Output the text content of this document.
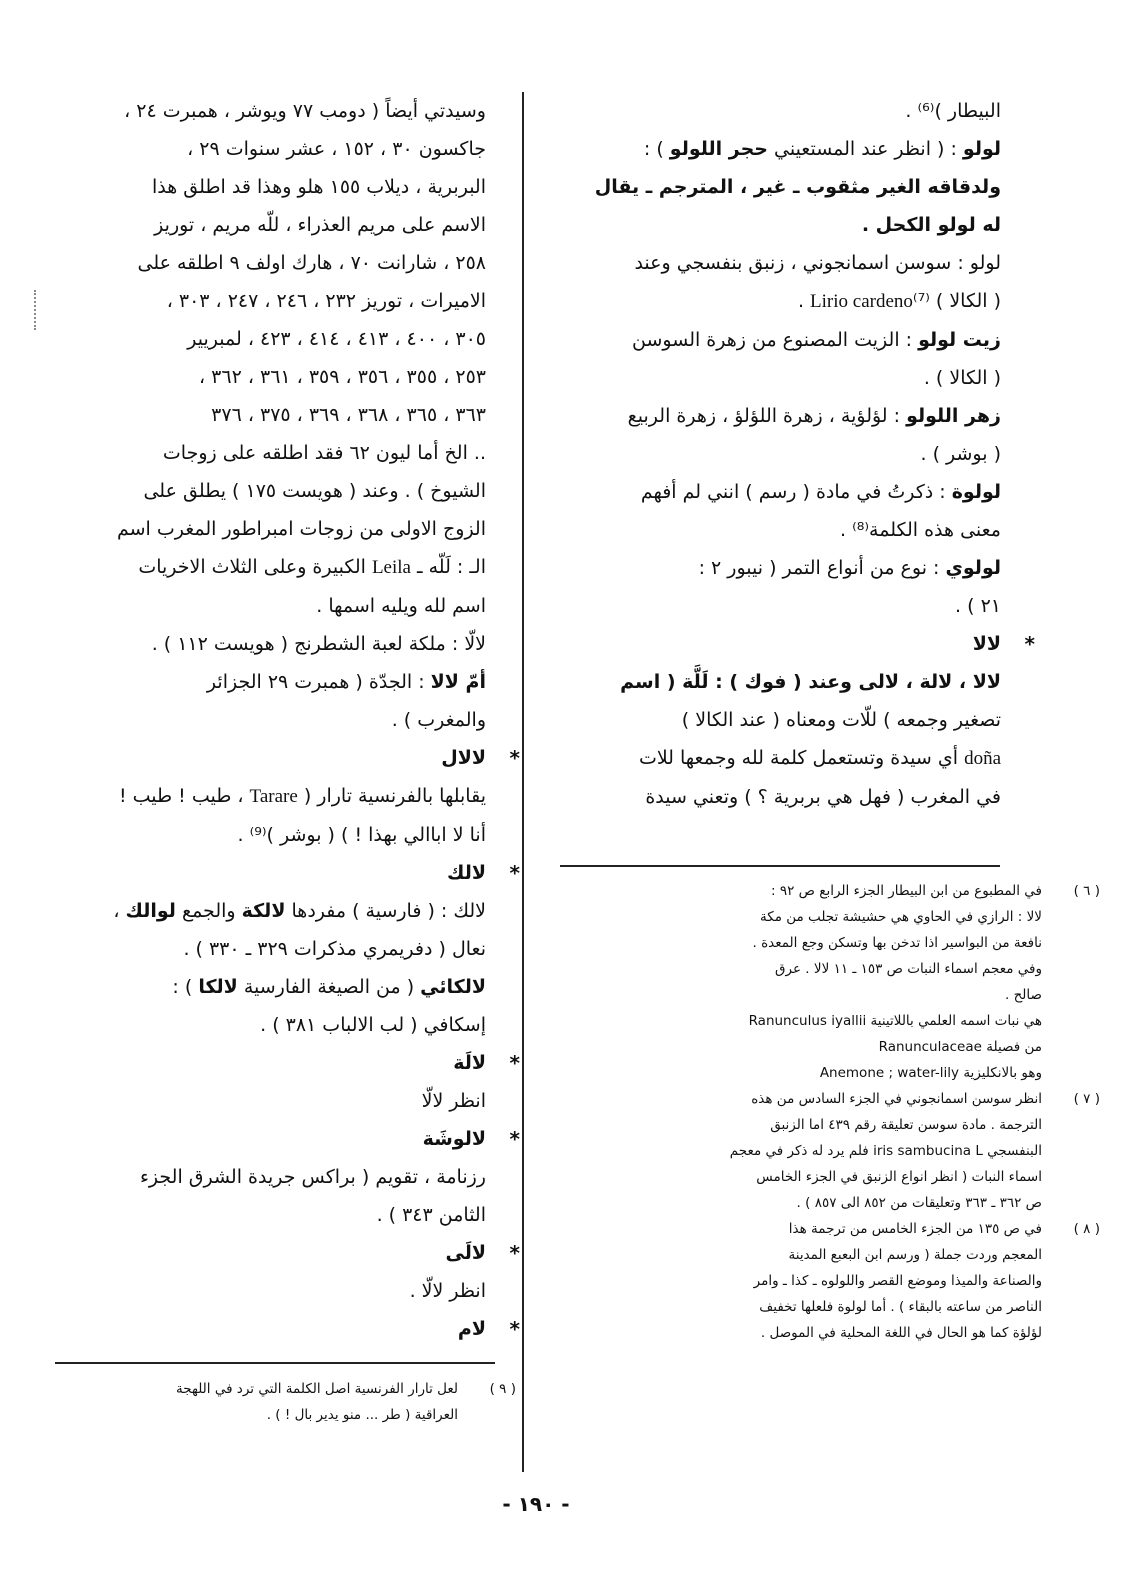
البيطار )⁽⁶⁾ .
لولو : ( انظر عند المستعيني حجر اللولو ) :
ولدقاقه الغير مثقوب ـ غير ، المترجم ـ يقال
له لولو الكحل .
لولو : سوسن اسمانجوني ، زنبق بنفسجي وعند
( الكالا ) Lirio cardeno⁽⁷⁾ .
زيت لولو : الزيت المصنوع من زهرة السوسن
( الكالا ) .
زهر اللولو : لؤلؤية ، زهرة اللؤلؤ ، زهرة الربيع
( بوشر ) .
لولوة : ذكرتُ في مادة ( رسم ) انني لم أفهم
معنى هذه الكلمة⁽⁸⁾ .
لولوي : نوع من أنواع التمر ( نيبور ٢ :
٢١ ) .
*
لالا
لالا ، لالة ، لالى وعند ( فوك ) : لَلَّة ( اسم
تصغير وجمعه ) للّات ومعناه ( عند الكالا )
doña أي سيدة وتستعمل كلمة لله وجمعها للات
في المغرب ( فهل هي بربرية ؟ ) وتعني سيدة
وسيدتي أيضاً ( دومب ٧٧ ويوشر ، همبرت ٢٤ ،
جاكسون ٣٠ ، ١٥٢ ، عشر سنوات ٢٩ ،
البربرية ، ديلاب ١٥٥ هلو وهذا قد اطلق هذا
الاسم على مريم العذراء ، للّه مريم ، توريز
٢٥٨ ، شارانت ٧٠ ، هارك اولف ٩ اطلقه على
الاميرات ، توريز ٢٣٢ ، ٢٤٦ ، ٢٤٧ ، ٣٠٣ ،
٣٠٥ ، ٤٠٠ ، ٤١٣ ، ٤١٤ ، ٤٢٣ ، لمبريير
٢٥٣ ، ٣٥٥ ، ٣٥٦ ، ٣٥٩ ، ٣٦١ ، ٣٦٢ ،
٣٦٣ ، ٣٦٥ ، ٣٦٨ ، ٣٦٩ ، ٣٧٥ ، ٣٧٦
.. الخ أما ليون ٦٢ فقد اطلقه على زوجات
الشيوخ ) . وعند ( هويست ١٧٥ ) يطلق على
الزوج الاولى من زوجات امبراطور المغرب اسم
الـ : لَلّه ـ Leila الكبيرة وعلى الثلاث الاخريات
اسم لله ويليه اسمها .
لالّا : ملكة لعبة الشطرنج ( هويست ١١٢ ) .
أمّ لالا : الجدّة ( همبرت ٢٩ الجزائر
والمغرب ) .
*
لالال
يقابلها بالفرنسية تارار ( Tarare ، طيب ! طيب !
أنا لا اباالي بهذا ! ) ( بوشر )⁽⁹⁾ .
*
لالك
لالك : ( فارسية ) مفردها لالكة والجمع لوالك ،
نعال ( دفريمري مذكرات ٣٢٩ ـ ٣٣٠ ) .
لالكائي ( من الصيغة الفارسية لالكا ) :
إسكافي ( لب الالباب ٣٨١ ) .
*
لالَة
انظر لالّا
*
لالوشَة
رزنامة ، تقويم ( براكس جريدة الشرق الجزء
الثامن ٣٤٣ ) .
*
لالَى
انظر لالّا .
*
لام
( ٦ )
في المطبوع من ابن البيطار الجزء الرابع ص ٩٢ :
لالا : الرازي في الحاوي هي حشيشة تجلب من مكة
نافعة من البواسير اذا تدخن بها وتسكن وجع المعدة .
وفي معجم اسماء النبات ص ١٥٣ ـ ١١ لالا . عرق
صالح .
هي نبات اسمه العلمي باللاتينية Ranunculus iyallii
من فصيلة Ranunculaceae
وهو بالانكليزية Anemone ; water-lily
( ٧ )
انظر سوسن اسمانجوني في الجزء السادس من هذه
الترجمة . مادة سوسن تعليقة رقم ٤٣٩ اما الزنبق
البنفسجي iris sambucina L فلم يرد له ذكر في معجم
اسماء النبات ( انظر انواع الزنبق في الجزء الخامس
ص ٣٦٢ ـ ٣٦٣ وتعليقات من ٨٥٢ الى ٨٥٧ ) .
( ٨ )
في ص ١٣٥ من الجزء الخامس من ترجمة هذا
المعجم وردت جملة ( ورسم ابن البعبع المدينة
والصناعة والميذا وموضع القصر واللولوه ـ كذا ـ وامر
الناصر من ساعته بالبقاء ) . أما لولوة فلعلها تخفيف
لؤلؤة كما هو الحال في اللغة المحلية في الموصل .
( ٩ )
لعل تارار الفرنسية اصل الكلمة التي ترد في اللهجة
العراقية ( طر ... منو يدير بال ! ) .
- ١٩٠ -
